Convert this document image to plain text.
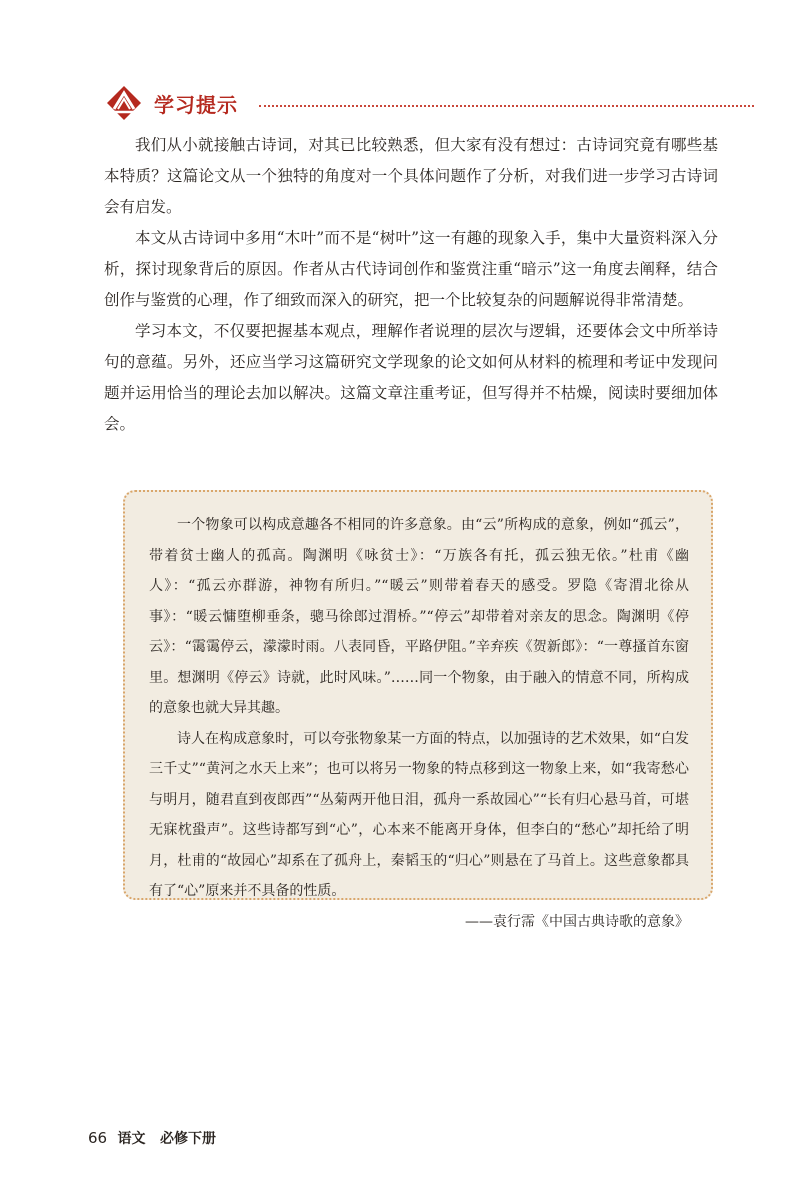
学习提示

我们从小就接触古诗词，对其已比较熟悉，但大家有没有想过：古诗词究竟有哪些基本特质？这篇论文从一个独特的角度对一个具体问题作了分析，对我们进一步学习古诗词会有启发。

本文从古诗词中多用“木叶”而不是“树叶”这一有趣的现象入手，集中大量资料深入分析，探讨现象背后的原因。作者从古代诗词创作和鉴赏注重“暗示”这一角度去阐释，结合创作与鉴赏的心理，作了细致而深入的研究，把一个比较复杂的问题解说得非常清楚。

学习本文，不仅要把握基本观点，理解作者说理的层次与逻辑，还要体会文中所举诗句的意蕴。另外，还应当学习这篇研究文学现象的论文如何从材料的梳理和考证中发现问题并运用恰当的理论去加以解决。这篇文章注重考证，但写得并不枯燥，阅读时要细加体会。

一个物象可以构成意趣各不相同的许多意象。由“云”所构成的意象，例如“孤云”，带着贫士幽人的孤高。陶渊明《咏贫士》：“万族各有托，孤云独无依。”杜甫《幽人》：“孤云亦群游，神物有所归。”“暖云”则带着春天的感受。罗隐《寄渭北徐从事》：“暖云慵堕柳垂条，骢马徐郎过渭桥。”“停云”却带着对亲友的思念。陶渊明《停云》：“霭霭停云，濛濛时雨。八表同昏，平路伊阻。”辛弃疾《贺新郎》：“一尊搔首东窗里。想渊明《停云》诗就，此时风味。”……同一个物象，由于融入的情意不同，所构成的意象也就大异其趣。

诗人在构成意象时，可以夸张物象某一方面的特点，以加强诗的艺术效果，如“白发三千丈”“黄河之水天上来”；也可以将另一物象的特点移到这一物象上来，如“我寄愁心与明月，随君直到夜郎西”“丛菊两开他日泪，孤舟一系故园心”“长有归心悬马首，可堪无寐枕蛩声”。这些诗都写到“心”，心本来不能离开身体，但李白的“愁心”却托给了明月，杜甫的“故园心”却系在了孤舟上，秦韬玉的“归心”则悬在了马首上。这些意象都具有了“心”原来并不具备的性质。

——袁行霈《中国古典诗歌的意象》

66 语文 必修下册
